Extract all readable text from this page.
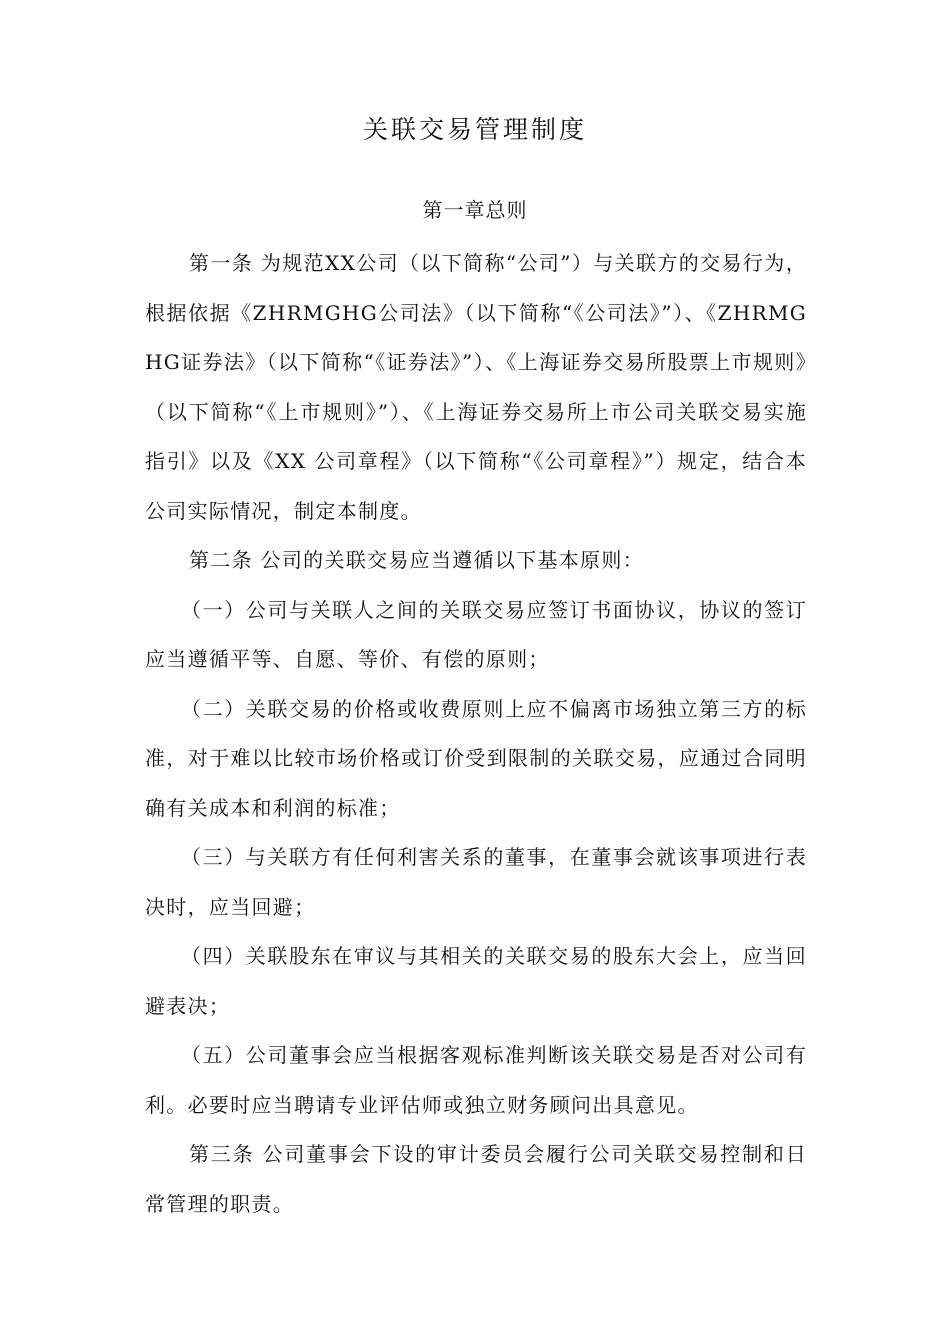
关联交易管理制度
第一章总则

第一条 为规范XX公司（以下简称“公司”）与关联方的交易行为，根据依据《ZHRMGHG公司法》（以下简称“《公司法》”）、《ZHRMGHG证券法》（以下简称“《证券法》”）、《上海证券交易所股票上市规则》（以下简称“《上市规则》”）、《上海证券交易所上市公司关联交易实施指引》以及《XX 公司章程》（以下简称“《公司章程》”）规定，结合本公司实际情况，制定本制度。

第二条 公司的关联交易应当遵循以下基本原则：

（一）公司与关联人之间的关联交易应签订书面协议，协议的签订应当遵循平等、自愿、等价、有偿的原则；

（二）关联交易的价格或收费原则上应不偏离市场独立第三方的标准，对于难以比较市场价格或订价受到限制的关联交易，应通过合同明确有关成本和利润的标准；

（三）与关联方有任何利害关系的董事，在董事会就该事项进行表决时，应当回避；

（四）关联股东在审议与其相关的关联交易的股东大会上，应当回避表决；

（五）公司董事会应当根据客观标准判断该关联交易是否对公司有利。必要时应当聘请专业评估师或独立财务顾问出具意见。

第三条 公司董事会下设的审计委员会履行公司关联交易控制和日常管理的职责。
